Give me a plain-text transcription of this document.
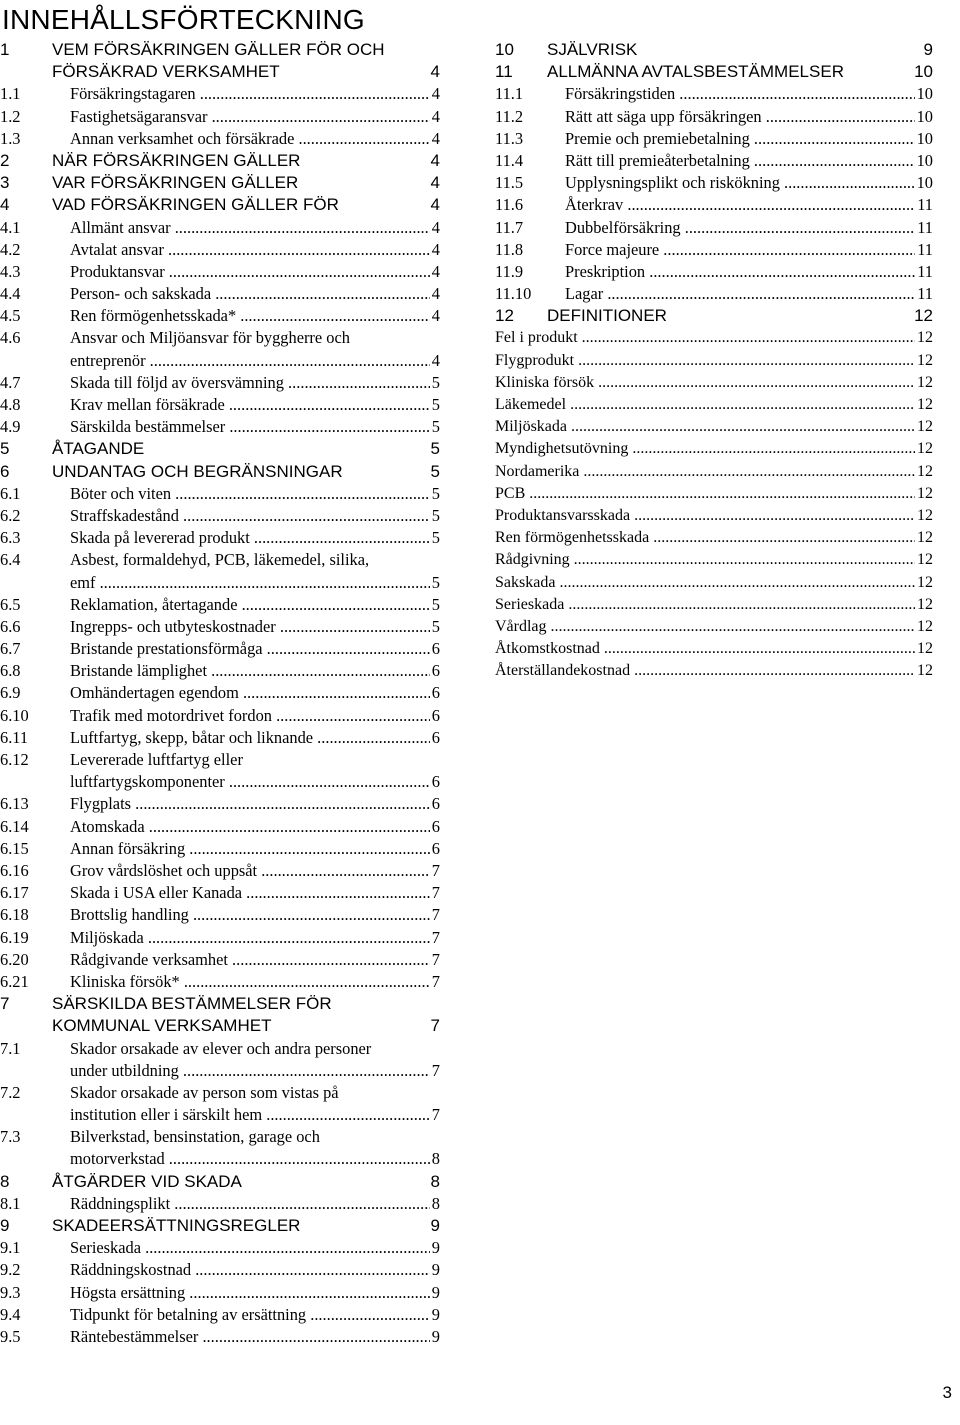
INNEHÅLLSFÖRTECKNING
1	VEM FÖRSÄKRINGEN GÄLLER FÖR OCH
FÖRSÄKRAD VERKSAMHET	4
1.1	Försäkringstagaren .....	4
1.2	Fastighetsägaransvar .....	4
1.3	Annan verksamhet och försäkrade .....	4
2	NÄR FÖRSÄKRINGEN GÄLLER	4
3	VAR FÖRSÄKRINGEN GÄLLER	4
4	VAD FÖRSÄKRINGEN GÄLLER FÖR	4
4.1	Allmänt ansvar .....	4
4.2	Avtalat ansvar .....	4
4.3	Produktansvar .....	4
4.4	Person- och sakskada .....	4
4.5	Ren förmögenhetsskada* .....	4
4.6	Ansvar och Miljöansvar för byggherre och
entreprenör .....	4
4.7	Skada till följd av översvämning .....	5
4.8	Krav mellan försäkrade .....	5
4.9	Särskilda bestämmelser .....	5
5	ÅTAGANDE	5
6	UNDANTAG OCH BEGRÄNSNINGAR	5
6.1	Böter och viten .....	5
6.2	Straffskadestånd .....	5
6.3	Skada på levererad produkt .....	5
6.4	Asbest, formaldehyd, PCB, läkemedel, silika,
emf .....	5
6.5	Reklamation, återtagande .....	5
6.6	Ingrepps- och utbyteskostnader .....	5
6.7	Bristande prestationsförmåga .....	6
6.8	Bristande lämplighet .....	6
6.9	Omhändertagen egendom .....	6
6.10	Trafik med motordrivet fordon .....	6
6.11	Luftfartyg, skepp, båtar och liknande .....	6
6.12	Levererade luftfartyg eller
luftfartygskomponenter .....	6
6.13	Flygplats .....	6
6.14	Atomskada .....	6
6.15	Annan försäkring .....	6
6.16	Grov vårdslöshet och uppsåt .....	7
6.17	Skada i USA eller Kanada .....	7
6.18	Brottslig handling .....	7
6.19	Miljöskada .....	7
6.20	Rådgivande verksamhet .....	7
6.21	Kliniska försök* .....	7
7	SÄRSKILDA BESTÄMMELSER FÖR
KOMMUNAL VERKSAMHET	7
7.1	Skador orsakade av elever och andra personer
under utbildning .....	7
7.2	Skador orsakade av person som vistas på
institution eller i särskilt hem .....	7
7.3	Bilverkstad, bensinstation, garage och
motorverkstad .....	8
8	ÅTGÄRDER VID SKADA	8
8.1	Räddningsplikt .....	8
9	SKADEERSÄTTNINGSREGLER	9
9.1	Serieskada .....	9
9.2	Räddningskostnad .....	9
9.3	Högsta ersättning .....	9
9.4	Tidpunkt för betalning av ersättning .....	9
9.5	Räntebestämmelser .....	9
10 SJÄLVRISK	9
11 ALLMÄNNA AVTALSBESTÄMMELSER	10
11.1	Försäkringstiden .....	10
11.2	Rätt att säga upp försäkringen .....	10
11.3	Premie och premiebetalning .....	10
11.4	Rätt till premieåterbetalning .....	10
11.5	Upplysningsplikt och riskökning .....	10
11.6	Återkrav .....	11
11.7	Dubbelförsäkring .....	11
11.8	Force majeure .....	11
11.9	Preskription .....	11
11.10 Lagar .....	11
12 DEFINITIONER	12
Fel i produkt .....	12
Flygprodukt .....	12
Kliniska försök .....	12
Läkemedel .....	12
Miljöskada .....	12
Myndighetsutövning .....	12
Nordamerika .....	12
PCB .....	12
Produktansvarsskada .....	12
Ren förmögenhetsskada .....	12
Rådgivning .....	12
Sakskada .....	12
Serieskada .....	12
Vårdlag .....	12
Åtkomstkostnad .....	12
Återställandekostnad .....	12
3
